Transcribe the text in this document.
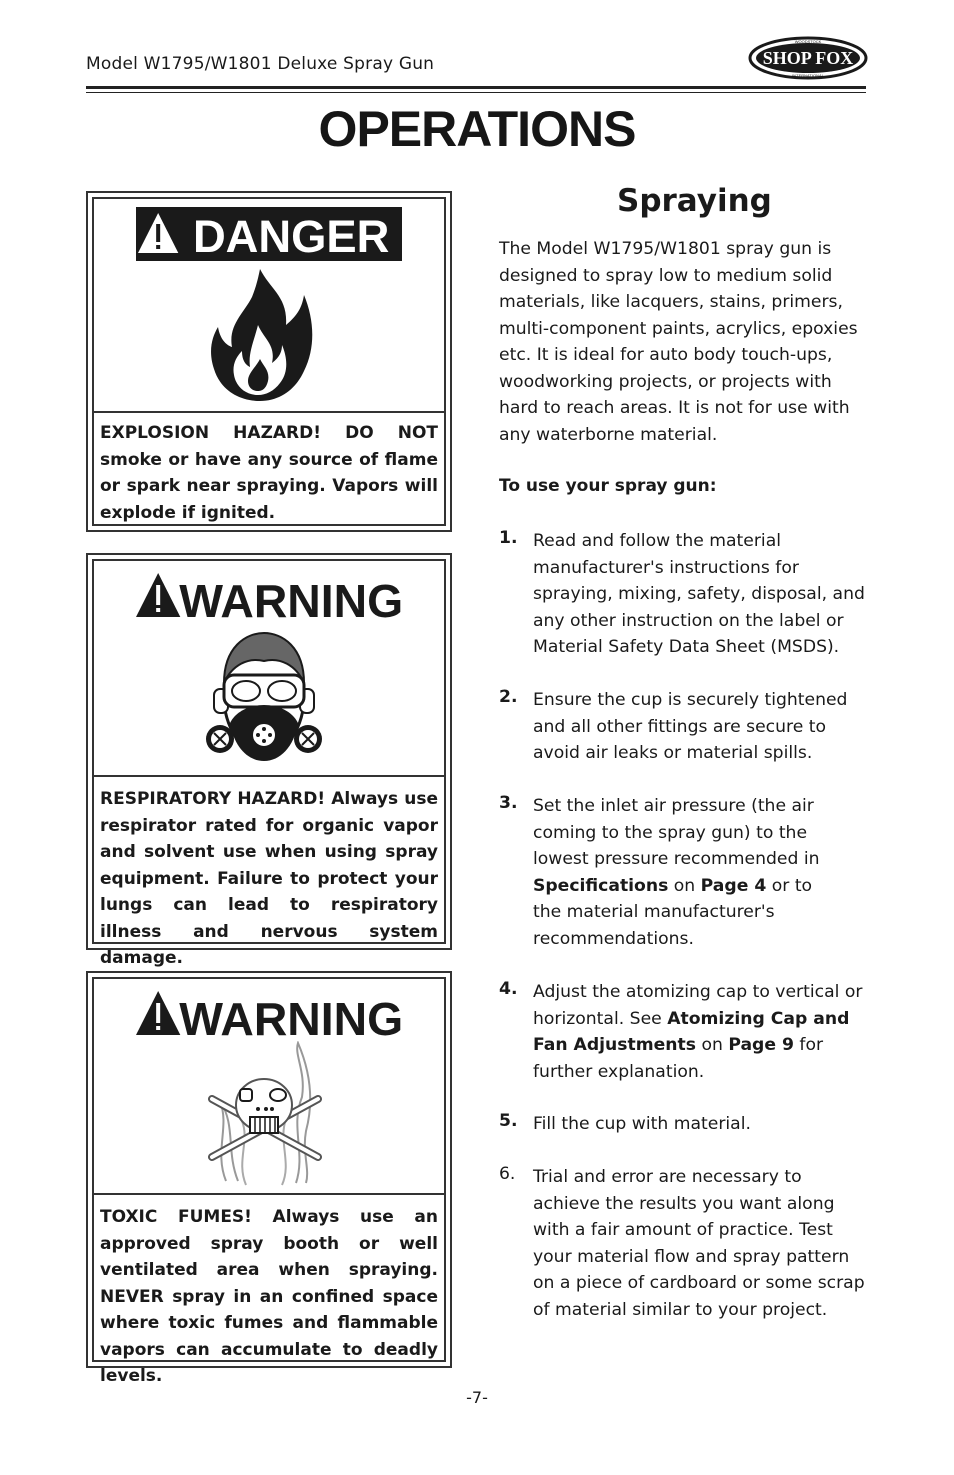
Model W1795/W1801 Deluxe Spray Gun	SHOP FOX
WOODSTOCK
INTERNATIONAL
OPERATIONS
DANGER
EXPLOSION HAZARD! DO NOT smoke or have any source of flame or spark near spraying. Vapors will explode if ignited.
WARNING
RESPIRATORY HAZARD! Always use respirator rated for organic vapor and solvent use when using spray equipment. Failure to protect your lungs can lead to respiratory illness and nervous system damage.
WARNING
TOXIC FUMES! Always use an approved spray booth or well ventilated area when spraying. NEVER spray in an confined space where toxic fumes and flammable vapors can accumulate to deadly levels.
Spraying
The Model W1795/W1801 spray gun is designed to spray low to medium solid materials, like lacquers, stains, primers, multi-component paints, acrylics, epoxies etc. It is ideal for auto body touch-ups, woodworking projects, or projects with hard to reach areas. It is not for use with any waterborne material.
To use your spray gun:
1. Read and follow the material manufacturer's instructions for spraying, mixing, safety, disposal, and any other instruction on the label or Material Safety Data Sheet (MSDS).
2. Ensure the cup is securely tightened and all other fittings are secure to avoid air leaks or material spills.
3. Set the inlet air pressure (the air coming to the spray gun) to the lowest pressure recommended in Specifications on Page 4 or to the material manufacturer's recommendations.
4. Adjust the atomizing cap to vertical or horizontal. See Atomizing Cap and Fan Adjustments on Page 9 for further explanation.
5. Fill the cup with material.
6. Trial and error are necessary to achieve the results you want along with a fair amount of practice. Test your material flow and spray pattern on a piece of cardboard or some scrap of material similar to your project.
-7-
